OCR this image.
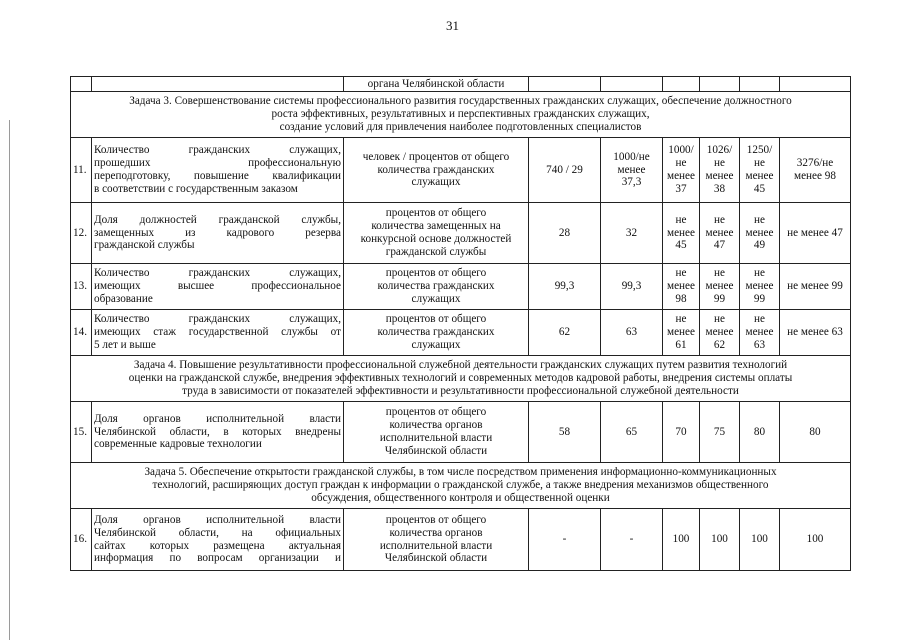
31
		органа Челябинской области						

Задача 3. Совершенствование системы профессионального развития государственных гражданских служащих, обеспечение должностного
роста эффективных, результативных и перспективных гражданских служащих,
создание условий для привлечения наиболее подготовленных специалистов								

11.	Количество гражданских служащих,
прошедших профессиональную
переподготовку, повышение квалификации
в соответствии с государственным заказом	человек / процентов от общего
количества гражданских
служащих	740 / 29	1000/не
менее
37,3	1000/
не
менее
37	1026/
не
менее
38	1250/
не
менее
45	3276/не
менее 98

12.	Доля должностей гражданской службы,
замещенных из кадрового резерва
гражданской службы	процентов от общего
количества замещенных на
конкурсной основе должностей
гражданской службы	28	32	не
менее
45	не
менее
47	не
менее
49	не менее 47
13.	Количество гражданских служащих,
имеющих высшее профессиональное
образование	процентов от общего
количества гражданских
служащих	99,3	99,3	не
менее
98	не
менее
99	не
менее
99	не менее 99
14.	Количество гражданских служащих,
имеющих стаж государственной службы от
5 лет и выше	процентов от общего
количества гражданских
служащих	62	63	не
менее
61	не
менее
62	не
менее
63	не менее 63

Задача 4. Повышение результативности профессиональной служебной деятельности гражданских служащих путем развития технологий
оценки на гражданской службе, внедрения эффективных технологий и современных методов кадровой работы, внедрения системы оплаты
труда в зависимости от показателей эффективности и результативности профессиональной служебной деятельности								

15.	Доля органов исполнительной власти
Челябинской области, в которых внедрены
современные кадровые технологии	процентов от общего
количества органов
исполнительной власти
Челябинской области	58	65	70	75	80	80

Задача 5. Обеспечение открытости гражданской службы, в том числе посредством применения информационно-коммуникационных
технологий, расширяющих доступ граждан к информации о гражданской службе, а также внедрения механизмов общественного
обсуждения, общественного контроля и общественной оценки								

16.	Доля органов исполнительной власти
Челябинской области, на официальных
сайтах которых размещена актуальная
информация по вопросам организации и	процентов от общего
количества органов
исполнительной власти
Челябинской области	-	-	100	100	100	100
